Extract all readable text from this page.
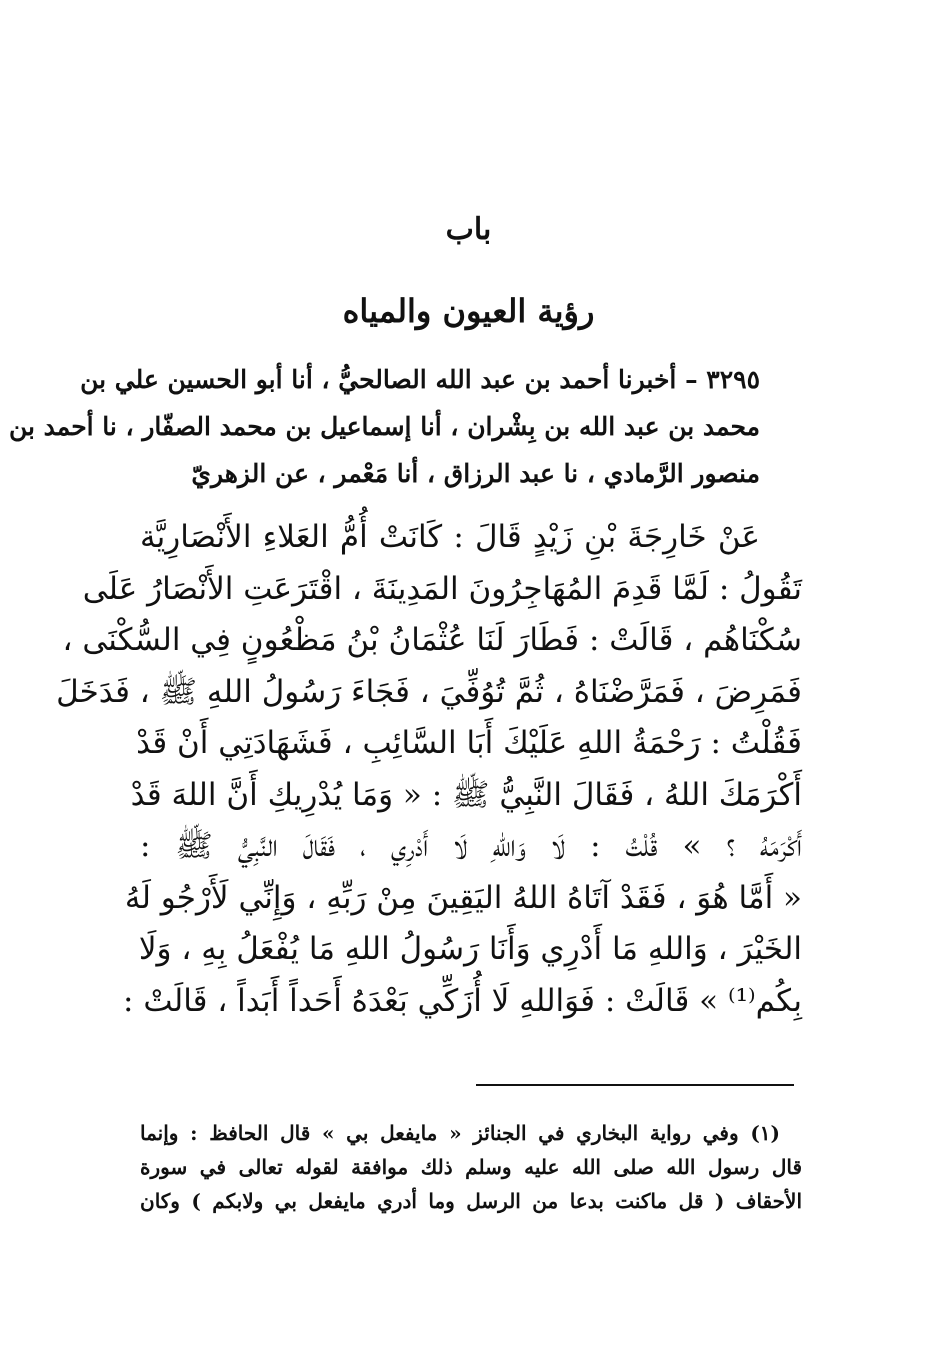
باب
رؤية العيون والمياه
٣٢٩٥ – أخبرنا أحمد بن عبد الله الصالحيُّ ، أنا أبو الحسين علي بن
محمد بن عبد الله بن بِشْران ، أنا إسماعيل بن محمد الصفّار ، نا أحمد بن
منصور الرَّمادي ، نا عبد الرزاق ، أنا مَعْمر ، عن الزهريّ
عَنْ خَارِجَةَ بْنِ زَيْدٍ قَالَ : كَانَتْ أُمُّ العَلاءِ الأَنْصَارِيَّة
تَقُولُ : لَمَّا قَدِمَ المُهَاجِرُونَ المَدِينَةَ ، اقْتَرَعَتِ الأَنْصَارُ عَلَى
سُكْنَاهُم ، قَالَتْ : فَطَارَ لَنَا عُثْمَانُ بْنُ مَظْعُونٍ فِي السُّكْنَى ،
فَمَرِضَ ، فَمَرَّضْنَاهُ ، ثُمَّ تُوُفِّيَ ، فَجَاءَ رَسُولُ اللهِ ﷺ ، فَدَخَلَ
فَقُلْتُ : رَحْمَةُ اللهِ عَلَيْكَ أَبَا السَّائِبِ ، فَشَهَادَتِي أَنْ قَدْ
أَكْرَمَكَ اللهُ ، فَقَالَ النَّبِيُّ ﷺ : « وَمَا يُدْرِيكِ أَنَّ اللهَ قَدْ
أَكْرَمَهُ ؟ » قُلْتُ : لَا وَاللهِ لَا أَدْرِي ، فَقَالَ النَّبِيُّ ﷺ :
« أَمَّا هُوَ ، فَقَدْ آتَاهُ اللهُ اليَقِينَ مِنْ رَبِّهِ ، وَإِنِّي لَأَرْجُو لَهُ
الخَيْرَ ، وَاللهِ مَا أَدْرِي وَأَنَا رَسُولُ اللهِ مَا يُفْعَلُ بِهِ ، وَلَا
بِكُم⁽¹⁾ » قَالَتْ : فَوَاللهِ لَا أُزَكِّي بَعْدَهُ أَحَداً أَبَداً ، قَالَتْ :
(١) وفي رواية البخاري في الجنائز « مايفعل بي » قال الحافظ : وإنما
قال رسول الله صلى الله عليه وسلم ذلك موافقة لقوله تعالى في سورة
الأحقاف ( قل ماكنت بدعا من الرسل وما أدري مايفعل بي ولابكم ) وكان
